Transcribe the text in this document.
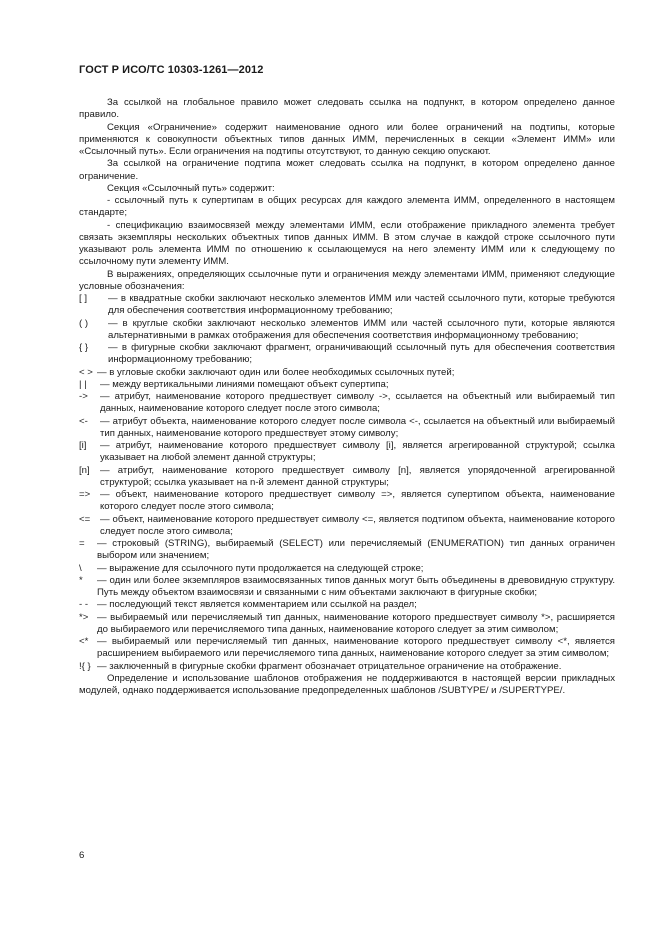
ГОСТ Р ИСО/ТС 10303-1261—2012

За ссылкой на глобальное правило может следовать ссылка на подпункт, в котором определено данное правило.

Секция «Ограничение» содержит наименование одного или более ограничений на подтипы, которые применяются к совокупности объектных типов данных ИММ, перечисленных в секции «Элемент ИММ» или «Ссылочный путь». Если ограничения на подтипы отсутствуют, то данную секцию опускают.

За ссылкой на ограничение подтипа может следовать ссылка на подпункт, в котором определено данное ограничение.

Секция «Ссылочный путь» содержит:

- ссылочный путь к супертипам в общих ресурсах для каждого элемента ИММ, определенного в настоящем стандарте;

- спецификацию взаимосвязей между элементами ИММ, если отображение прикладного элемента требует связать экземпляры нескольких объектных типов данных ИММ. В этом случае в каждой строке ссылочного пути указывают роль элемента ИММ по отношению к ссылающемуся на него элементу ИММ или к следующему по ссылочному пути элементу ИММ.

В выражениях, определяющих ссылочные пути и ограничения между элементами ИММ, применяют следующие условные обозначения:

[ ]	— в квадратные скобки заключают несколько элементов ИММ или частей ссылочного пути, которые требуются для обеспечения соответствия информационному требованию;
( )	— в круглые скобки заключают несколько элементов ИММ или частей ссылочного пути, которые являются альтернативными в рамках отображения для обеспечения соответствия информационному требованию;
{ }	— в фигурные скобки заключают фрагмент, ограничивающий ссылочный путь для обеспечения соответствия информационному требованию;
< > — в угловые скобки заключают один или более необходимых ссылочных путей;
| |	— между вертикальными линиями помещают объект супертипа;
->	— атрибут, наименование которого предшествует символу ->, ссылается на объектный или выбираемый тип данных, наименование которого следует после этого символа;
<-	— атрибут объекта, наименование которого следует после символа <-, ссылается на объектный или выбираемый тип данных, наименование которого предшествует этому символу;
[i]	— атрибут, наименование которого предшествует символу [i], является агрегированной структурой; ссылка указывает на любой элемент данной структуры;
[n]	— атрибут, наименование которого предшествует символу [n], является упорядоченной агрегированной структурой; ссылка указывает на n-й элемент данной структуры;
=>	— объект, наименование которого предшествует символу =>, является супертипом объекта, наименование которого следует после этого символа;
<=	— объект, наименование которого предшествует символу <=, является подтипом объекта, наименование которого следует после этого символа;
=	— строковый (STRING), выбираемый (SELECT) или перечисляемый (ENUMERATION) тип данных ограничен выбором или значением;
\	— выражение для ссылочного пути продолжается на следующей строке;
*	— один или более экземпляров взаимосвязанных типов данных могут быть объединены в древовидную структуру. Путь между объектом взаимосвязи и связанными с ним объектами заключают в фигурные скобки;
- - — последующий текст является комментарием или ссылкой на раздел;
*> — выбираемый или перечисляемый тип данных, наименование которого предшествует символу *>, расширяется до выбираемого или перечисляемого типа данных, наименование которого следует за этим символом;
<* — выбираемый или перечисляемый тип данных, наименование которого предшествует символу <*, является расширением выбираемого или перечисляемого типа данных, наименование которого следует за этим символом;
!{ } — заключенный в фигурные скобки фрагмент обозначает отрицательное ограничение на отображение.

Определение и использование шаблонов отображения не поддерживаются в настоящей версии прикладных модулей, однако поддерживается использование предопределенных шаблонов /SUBTYPE/ и /SUPERTYPE/.

6
